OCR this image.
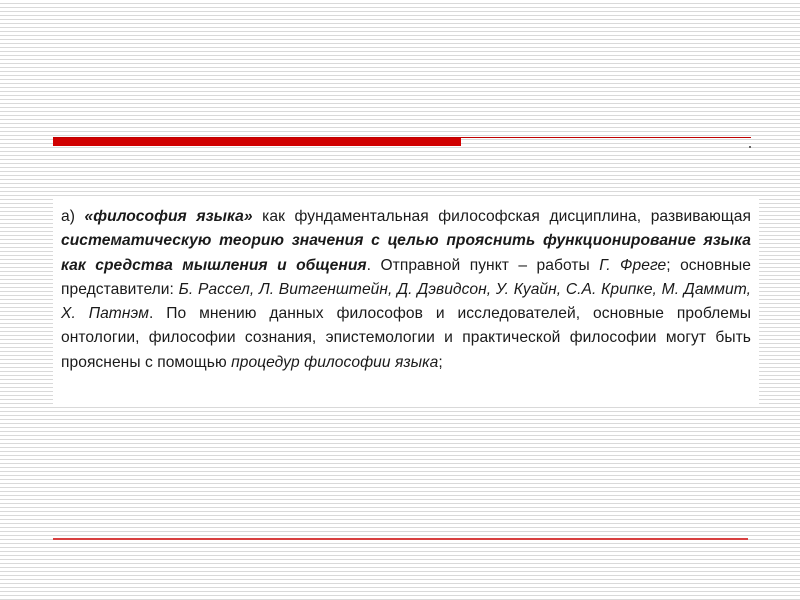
а) «философия языка» как фундаментальная философская дисциплина, развивающая систематическую теорию значения с целью прояснить функционирование языка как средства мышления и общения. Отправной пункт – работы Г. Фреге; основные представители: Б. Рассел, Л. Витгенштейн, Д. Дэвидсон, У. Куайн, С.А. Крипке, М. Даммит, Х. Патнэм. По мнению данных философов и исследователей, основные проблемы онтологии, философии сознания, эпистемологии и практической философии могут быть прояснены с помощью процедур философии языка;
